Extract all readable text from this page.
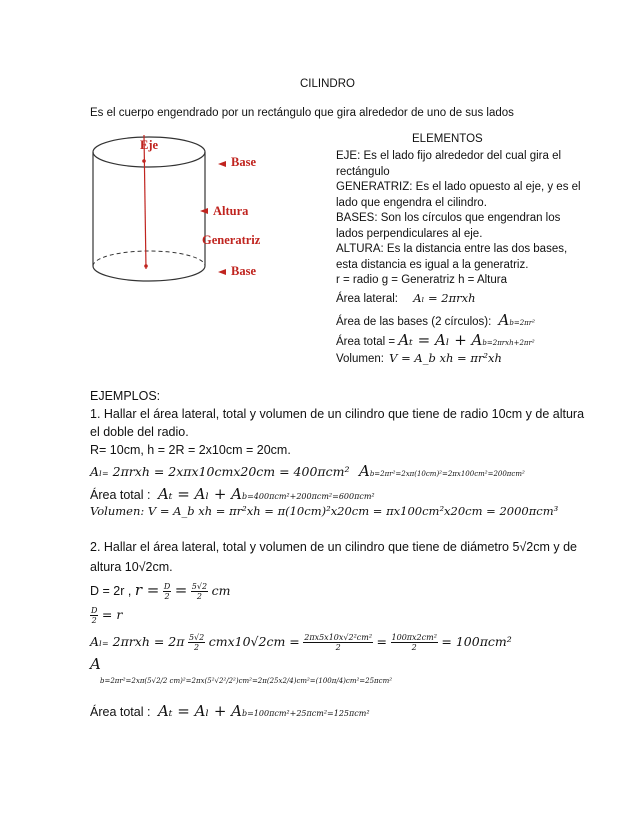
CILINDRO
Es el cuerpo engendrado por un rectángulo que gira alrededor de uno de sus lados
Eje
Base
Altura
Generatriz
Base
ELEMENTOS
EJE: Es el lado fijo alrededor del cual gira el
rectángulo
GENERATRIZ: Es el lado opuesto al eje, y es el
lado que engendra el cilindro.
BASES: Son los círculos que engendran los
lados perpendiculares al eje.
ALTURA: Es la distancia entre las dos bases,
esta distancia es igual a la generatriz.
r = radio g = Generatriz h = Altura
Área lateral: Aₗ = 2πrxh
Área de las bases (2 círculos): Ab=2πr²
Área total = Aₜ = Aₗ + Ab=2πrxh+2πr²
Volumen: V = A_b xh = πr²xh
EJEMPLOS:
1. Hallar el área lateral, total y volumen de un cilindro que tiene de radio 10cm y de altura
el doble del radio.
R= 10cm, h = 2R = 2x10cm = 20cm.
Aₗ₌ 2πrxh = 2xπx10cmx20cm = 400πcm² Ab=2πr²=2xπ(10cm)²=2πx100cm²=200πcm²
Área total : Aₜ = Aₗ + Ab=400πcm²+200πcm²=600πcm²
Volumen: V = A_b xh = πr²xh = π(10cm)²x20cm = πx100cm²x20cm = 2000πcm³
2. Hallar el área lateral, total y volumen de un cilindro que tiene de diámetro 5√2cm y de
altura 10√2cm.
D = 2r , $r = \frac{D}{2} = \frac{5√2}{2}$ cm
$\frac{D}{2} = r$
Aₗ₌ $2\pi rxh = 2\pi \frac{5√2}{2} cmx10√2cm = \frac{\text{2πx5x10x√2²cm²}}{2} = \frac{\text{100πx2cm²}}{2} = 100\pi cm^2$
A
b=2πr²=2xπ(5√2/2 cm)²=2πx(5²√2²/2²)cm²=2π(25x2/4)cm²=(100π/4)cm²=25πcm²
Área total : Aₜ = Aₗ + Ab=100πcm²+25πcm²=125πcm²
